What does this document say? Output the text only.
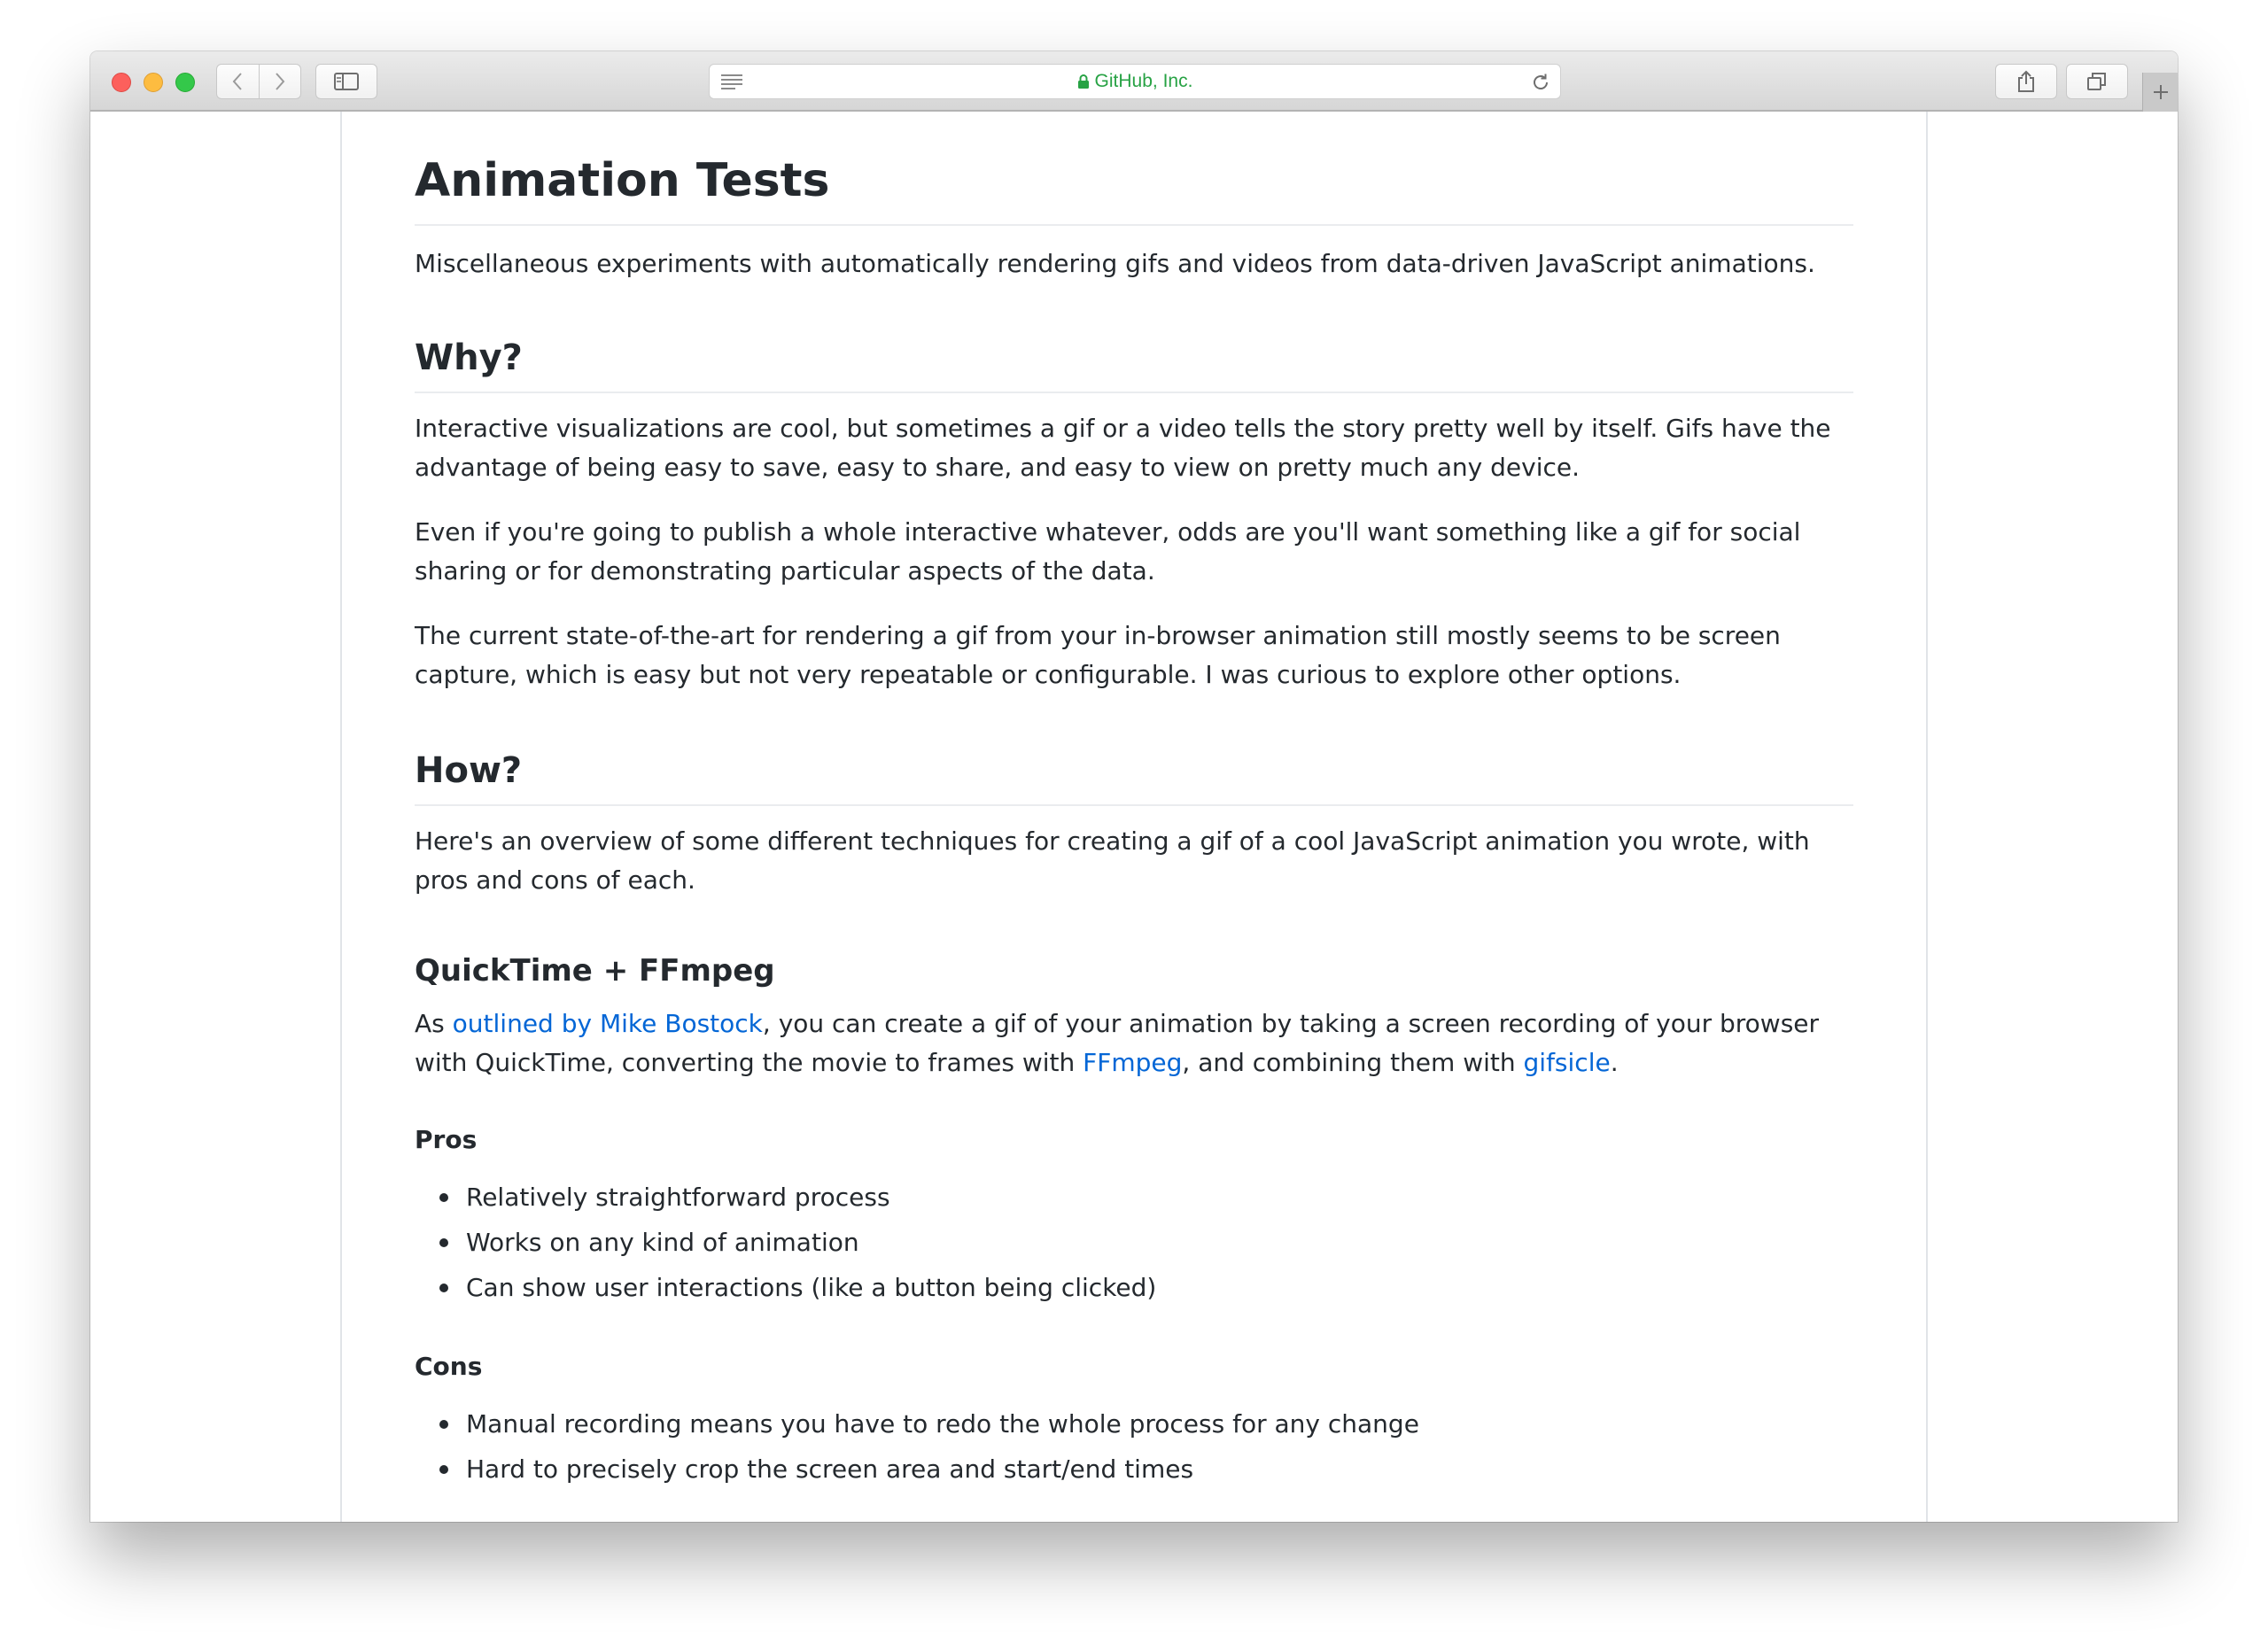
GitHub, Inc.
Animation Tests

Miscellaneous experiments with automatically rendering gifs and videos from data-driven JavaScript animations.

Why?

Interactive visualizations are cool, but sometimes a gif or a video tells the story pretty well by itself. Gifs have the advantage of being easy to save, easy to share, and easy to view on pretty much any device.

Even if you're going to publish a whole interactive whatever, odds are you'll want something like a gif for social sharing or for demonstrating particular aspects of the data.

The current state-of-the-art for rendering a gif from your in-browser animation still mostly seems to be screen capture, which is easy but not very repeatable or configurable. I was curious to explore other options.

How?

Here's an overview of some different techniques for creating a gif of a cool JavaScript animation you wrote, with pros and cons of each.

QuickTime + FFmpeg

As outlined by Mike Bostock, you can create a gif of your animation by taking a screen recording of your browser with QuickTime, converting the movie to frames with FFmpeg, and combining them with gifsicle.

Pros
Relatively straightforward process
Works on any kind of animation
Can show user interactions (like a button being clicked)
Cons
Manual recording means you have to redo the whole process for any change
Hard to precisely crop the screen area and start/end times
